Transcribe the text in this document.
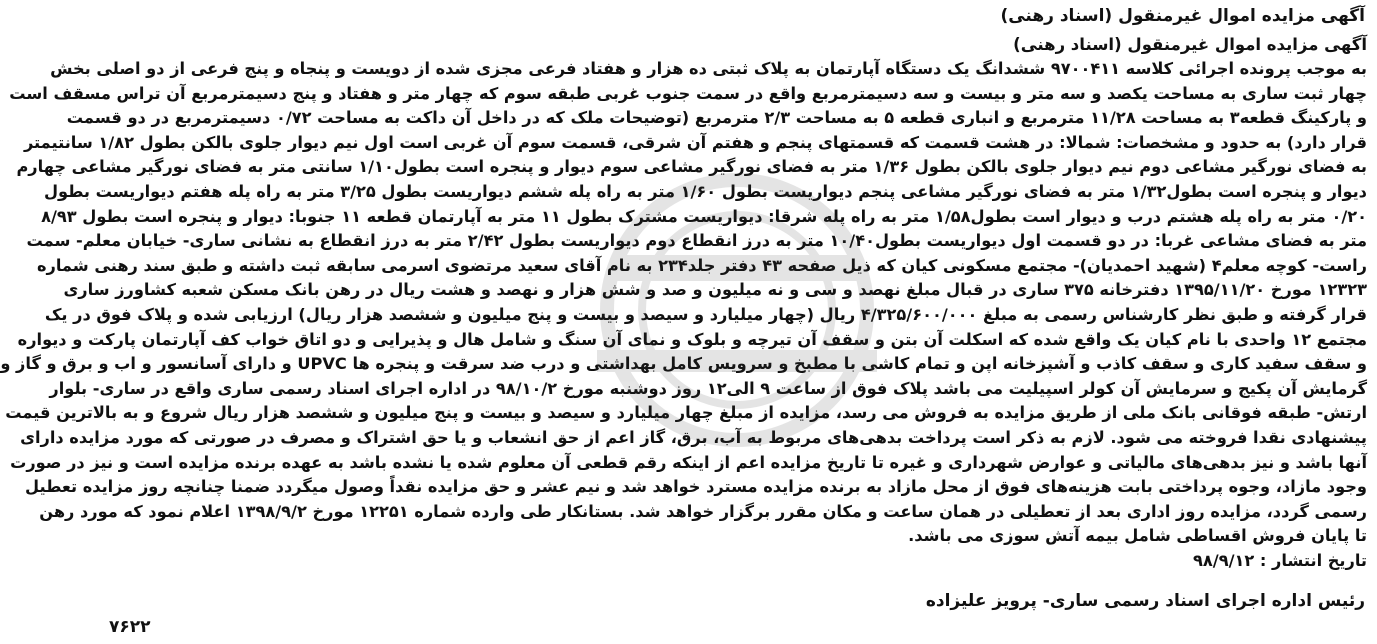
آگهی مزایده اموال غیرمنقول (اسناد رهنی)
آگهی مزایده اموال غیرمنقول (اسناد رهنی)
به موجب پرونده اجرائی کلاسه ۹۷۰۰۴۱۱ ششدانگ یک دستگاه آپارتمان به پلاک ثبتی ده هزار و هفتاد فرعی مجزی شده از دویست و پنجاه و پنج فرعی از دو اصلی بخش
چهار ثبت ساری به مساحت یکصد و سه متر و بیست و سه دسیمترمربع واقع در سمت جنوب غربی طبقه سوم که چهار متر و هفتاد و پنج دسیمترمربع آن تراس مسقف است
و پارکینگ قطعه۳ به مساحت ۱۱/۲۸ مترمربع و انباری قطعه ۵ به مساحت ۲/۳ مترمربع (توضیحات ملک که در داخل آن داکت به مساحت ۰/۷۲ دسیمترمربع در دو قسمت
قرار دارد) به حدود و مشخصات: شمالا: در هشت قسمت که قسمتهای پنجم و هفتم آن شرقی، قسمت سوم آن غربی است اول نیم دیوار جلوی بالکن بطول ۱/۸۲ سانتیمتر
به فضای نورگیر مشاعی دوم نیم دیوار جلوی بالکن بطول ۱/۳۶ متر به فضای نورگیر مشاعی سوم دیوار و پنجره است بطول۱/۱۰ سانتی متر به فضای نورگیر مشاعی چهارم
دیوار و پنجره است بطول۱/۳۲ متر به فضای نورگیر مشاعی پنجم دیواریست بطول ۱/۶۰ متر به راه پله ششم دیواریست بطول ۳/۲۵ متر به راه پله هفتم دیواریست بطول
۰/۲۰ متر به راه پله هشتم درب و دیوار است بطول۱/۵۸ متر به راه پله شرقا: دیواریست مشترک بطول ۱۱ متر به آپارتمان قطعه ۱۱ جنوبا: دیوار و پنجره است بطول ۸/۹۳
متر به فضای مشاعی غربا: در دو قسمت اول دیواریست بطول۱۰/۴۰ متر به درز انقطاع دوم دیواریست بطول ۲/۴۲ متر به درز انقطاع به نشانی ساری- خیابان معلم- سمت
راست- کوچه معلم۴ (شهید احمدیان)- مجتمع مسکونی کیان که ذیل صفحه ۴۳ دفتر جلد۲۳۴ به نام آقای سعید مرتضوی اسرمی سابقه ثبت داشته و طبق سند رهنی شماره
۱۲۳۲۳ مورخ ۱۳۹۵/۱۱/۲۰ دفترخانه ۳۷۵ ساری در قبال مبلغ نهصد و سی و نه میلیون و صد و شش هزار و نهصد و هشت ریال در رهن بانک مسکن شعبه کشاورز ساری
قرار گرفته و طبق نظر کارشناس رسمی به مبلغ ۴/۳۲۵/۶۰۰/۰۰۰ ریال (چهار میلیارد و سیصد و بیست و پنج میلیون و ششصد هزار ریال) ارزیابی شده و پلاک فوق در یک
مجتمع ۱۲ واحدی با نام کیان یک واقع شده که اسکلت آن بتن و سقف آن تیرچه و بلوک و نمای آن سنگ و شامل هال و پذیرایی و دو اتاق خواب کف آپارتمان پارکت و دیواره
و سقف سفید کاری و سقف کاذب و آشپزخانه اپن و تمام کاشی با مطبخ و سرویس کامل بهداشتی و درب ضد سرقت و پنجره ها UPVC و دارای آسانسور و اب و برق و گاز و
گرمایش آن پکیج و سرمایش آن کولر اسپیلیت می باشد پلاک فوق از ساعت ۹ الی۱۲ روز دوشنبه مورخ ۹۸/۱۰/۲ در اداره اجرای اسناد رسمی ساری واقع در ساری- بلوار
ارتش- طبقه فوقانی بانک ملی از طریق مزایده به فروش می رسد، مزایده از مبلغ چهار میلیارد و سیصد و بیست و پنج میلیون و ششصد هزار ریال شروع و به بالاترین قیمت
پیشنهادی نقدا فروخته می شود. لازم به ذکر است پرداخت بدهی‌های مربوط به آب، برق، گاز اعم از حق انشعاب و یا حق اشتراک و مصرف در صورتی که مورد مزایده دارای
آنها باشد و نیز بدهی‌های مالیاتی و عوارض شهرداری و غیره تا تاریخ مزایده اعم از اینکه رقم قطعی آن معلوم شده یا نشده باشد به عهده برنده مزایده است و نیز در صورت
وجود مازاد، وجوه پرداختی بابت هزینه‌های فوق از محل مازاد به برنده مزایده مسترد خواهد شد و نیم عشر و حق مزایده نقداً وصول میگردد ضمنا چنانچه روز مزایده تعطیل
رسمی گردد، مزایده روز اداری بعد از تعطیلی در همان ساعت و مکان مقرر برگزار خواهد شد. بستانکار طی وارده شماره ۱۲۲۵۱ مورخ ۱۳۹۸/۹/۲ اعلام نمود که مورد رهن
تا پایان فروش اقساطی شامل بیمه آتش سوزی می باشد.
تاریخ انتشار : ۹۸/۹/۱۲
رئیس اداره اجرای اسناد رسمی ساری- پرویز علیزاده
۷۶۲۲
